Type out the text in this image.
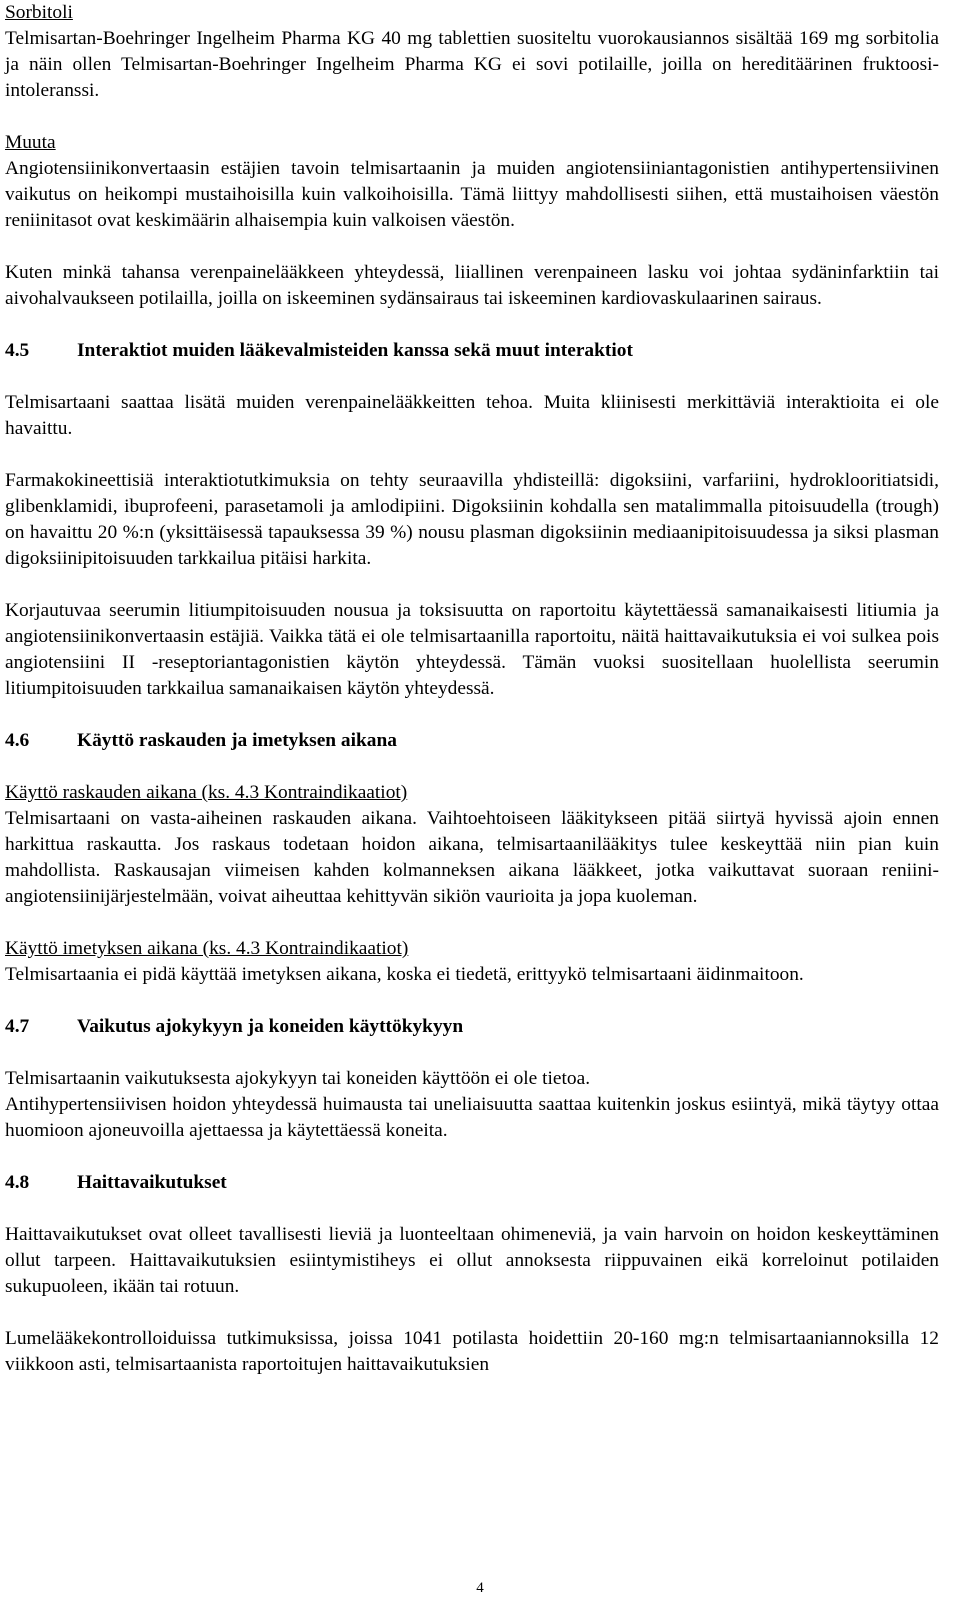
Sorbitoli

Telmisartan-Boehringer Ingelheim Pharma KG 40 mg tablettien suositeltu vuorokausiannos sisältää 169 mg sorbitolia ja näin ollen Telmisartan-Boehringer Ingelheim Pharma KG ei sovi potilaille, joilla on hereditäärinen fruktoosi-intoleranssi.

Muuta

Angiotensiinikonvertaasin estäjien tavoin telmisartaanin ja muiden angiotensiiniantagonistien antihypertensiivinen vaikutus on heikompi mustaihoisilla kuin valkoihoisilla. Tämä liittyy mahdollisesti siihen, että mustaihoisen väestön reniinitasot ovat keskimäärin alhaisempia kuin valkoisen väestön.

Kuten minkä tahansa verenpainelääkkeen yhteydessä, liiallinen verenpaineen lasku voi johtaa sydäninfarktiin tai aivohalvaukseen potilailla, joilla on iskeeminen sydänsairaus tai iskeeminen kardiovaskulaarinen sairaus.

4.5 Interaktiot muiden lääkevalmisteiden kanssa sekä muut interaktiot

Telmisartaani saattaa lisätä muiden verenpainelääkkeitten tehoa. Muita kliinisesti merkittäviä interaktioita ei ole havaittu.

Farmakokineettisiä interaktiotutkimuksia on tehty seuraavilla yhdisteillä: digoksiini, varfariini, hydroklooritiatsidi, glibenklamidi, ibuprofeeni, parasetamoli ja amlodipiini. Digoksiinin kohdalla sen matalimmalla pitoisuudella (trough) on havaittu 20 %:n (yksittäisessä tapauksessa 39 %) nousu plasman digoksiinin mediaanipitoisuudessa ja siksi plasman digoksiinipitoisuuden tarkkailua pitäisi harkita.

Korjautuvaa seerumin litiumpitoisuuden nousua ja toksisuutta on raportoitu käytettäessä samanaikaisesti litiumia ja angiotensiinikonvertaasin estäjiä. Vaikka tätä ei ole telmisartaanilla raportoitu, näitä haittavaikutuksia ei voi sulkea pois angiotensiini II -reseptoriantagonistien käytön yhteydessä. Tämän vuoksi suositellaan huolellista seerumin litiumpitoisuuden tarkkailua samanaikaisen käytön yhteydessä.

4.6 Käyttö raskauden ja imetyksen aikana
Käyttö raskauden aikana (ks. 4.3 Kontraindikaatiot)

Telmisartaani on vasta-aiheinen raskauden aikana. Vaihtoehtoiseen lääkitykseen pitää siirtyä hyvissä ajoin ennen harkittua raskautta. Jos raskaus todetaan hoidon aikana, telmisartaanilääkitys tulee keskeyttää niin pian kuin mahdollista. Raskausajan viimeisen kahden kolmanneksen aikana lääkkeet, jotka vaikuttavat suoraan reniini-angiotensiinijärjestelmään, voivat aiheuttaa kehittyvän sikiön vaurioita ja jopa kuoleman.

Käyttö imetyksen aikana (ks. 4.3 Kontraindikaatiot)

Telmisartaania ei pidä käyttää imetyksen aikana, koska ei tiedetä, erittyykö telmisartaani äidinmaitoon.

4.7 Vaikutus ajokykyyn ja koneiden käyttökykyyn

Telmisartaanin vaikutuksesta ajokykyyn tai koneiden käyttöön ei ole tietoa.

Antihypertensiivisen hoidon yhteydessä huimausta tai uneliaisuutta saattaa kuitenkin joskus esiintyä, mikä täytyy ottaa huomioon ajoneuvoilla ajettaessa ja käytettäessä koneita.

4.8 Haittavaikutukset

Haittavaikutukset ovat olleet tavallisesti lieviä ja luonteeltaan ohimeneviä, ja vain harvoin on hoidon keskeyttäminen ollut tarpeen. Haittavaikutuksien esiintymistiheys ei ollut annoksesta riippuvainen eikä korreloinut potilaiden sukupuoleen, ikään tai rotuun.

Lumelääkekontrolloiduissa tutkimuksissa, joissa 1041 potilasta hoidettiin 20-160 mg:n telmisartaaniannoksilla 12 viikkoon asti, telmisartaanista raportoitujen haittavaikutuksien

4
